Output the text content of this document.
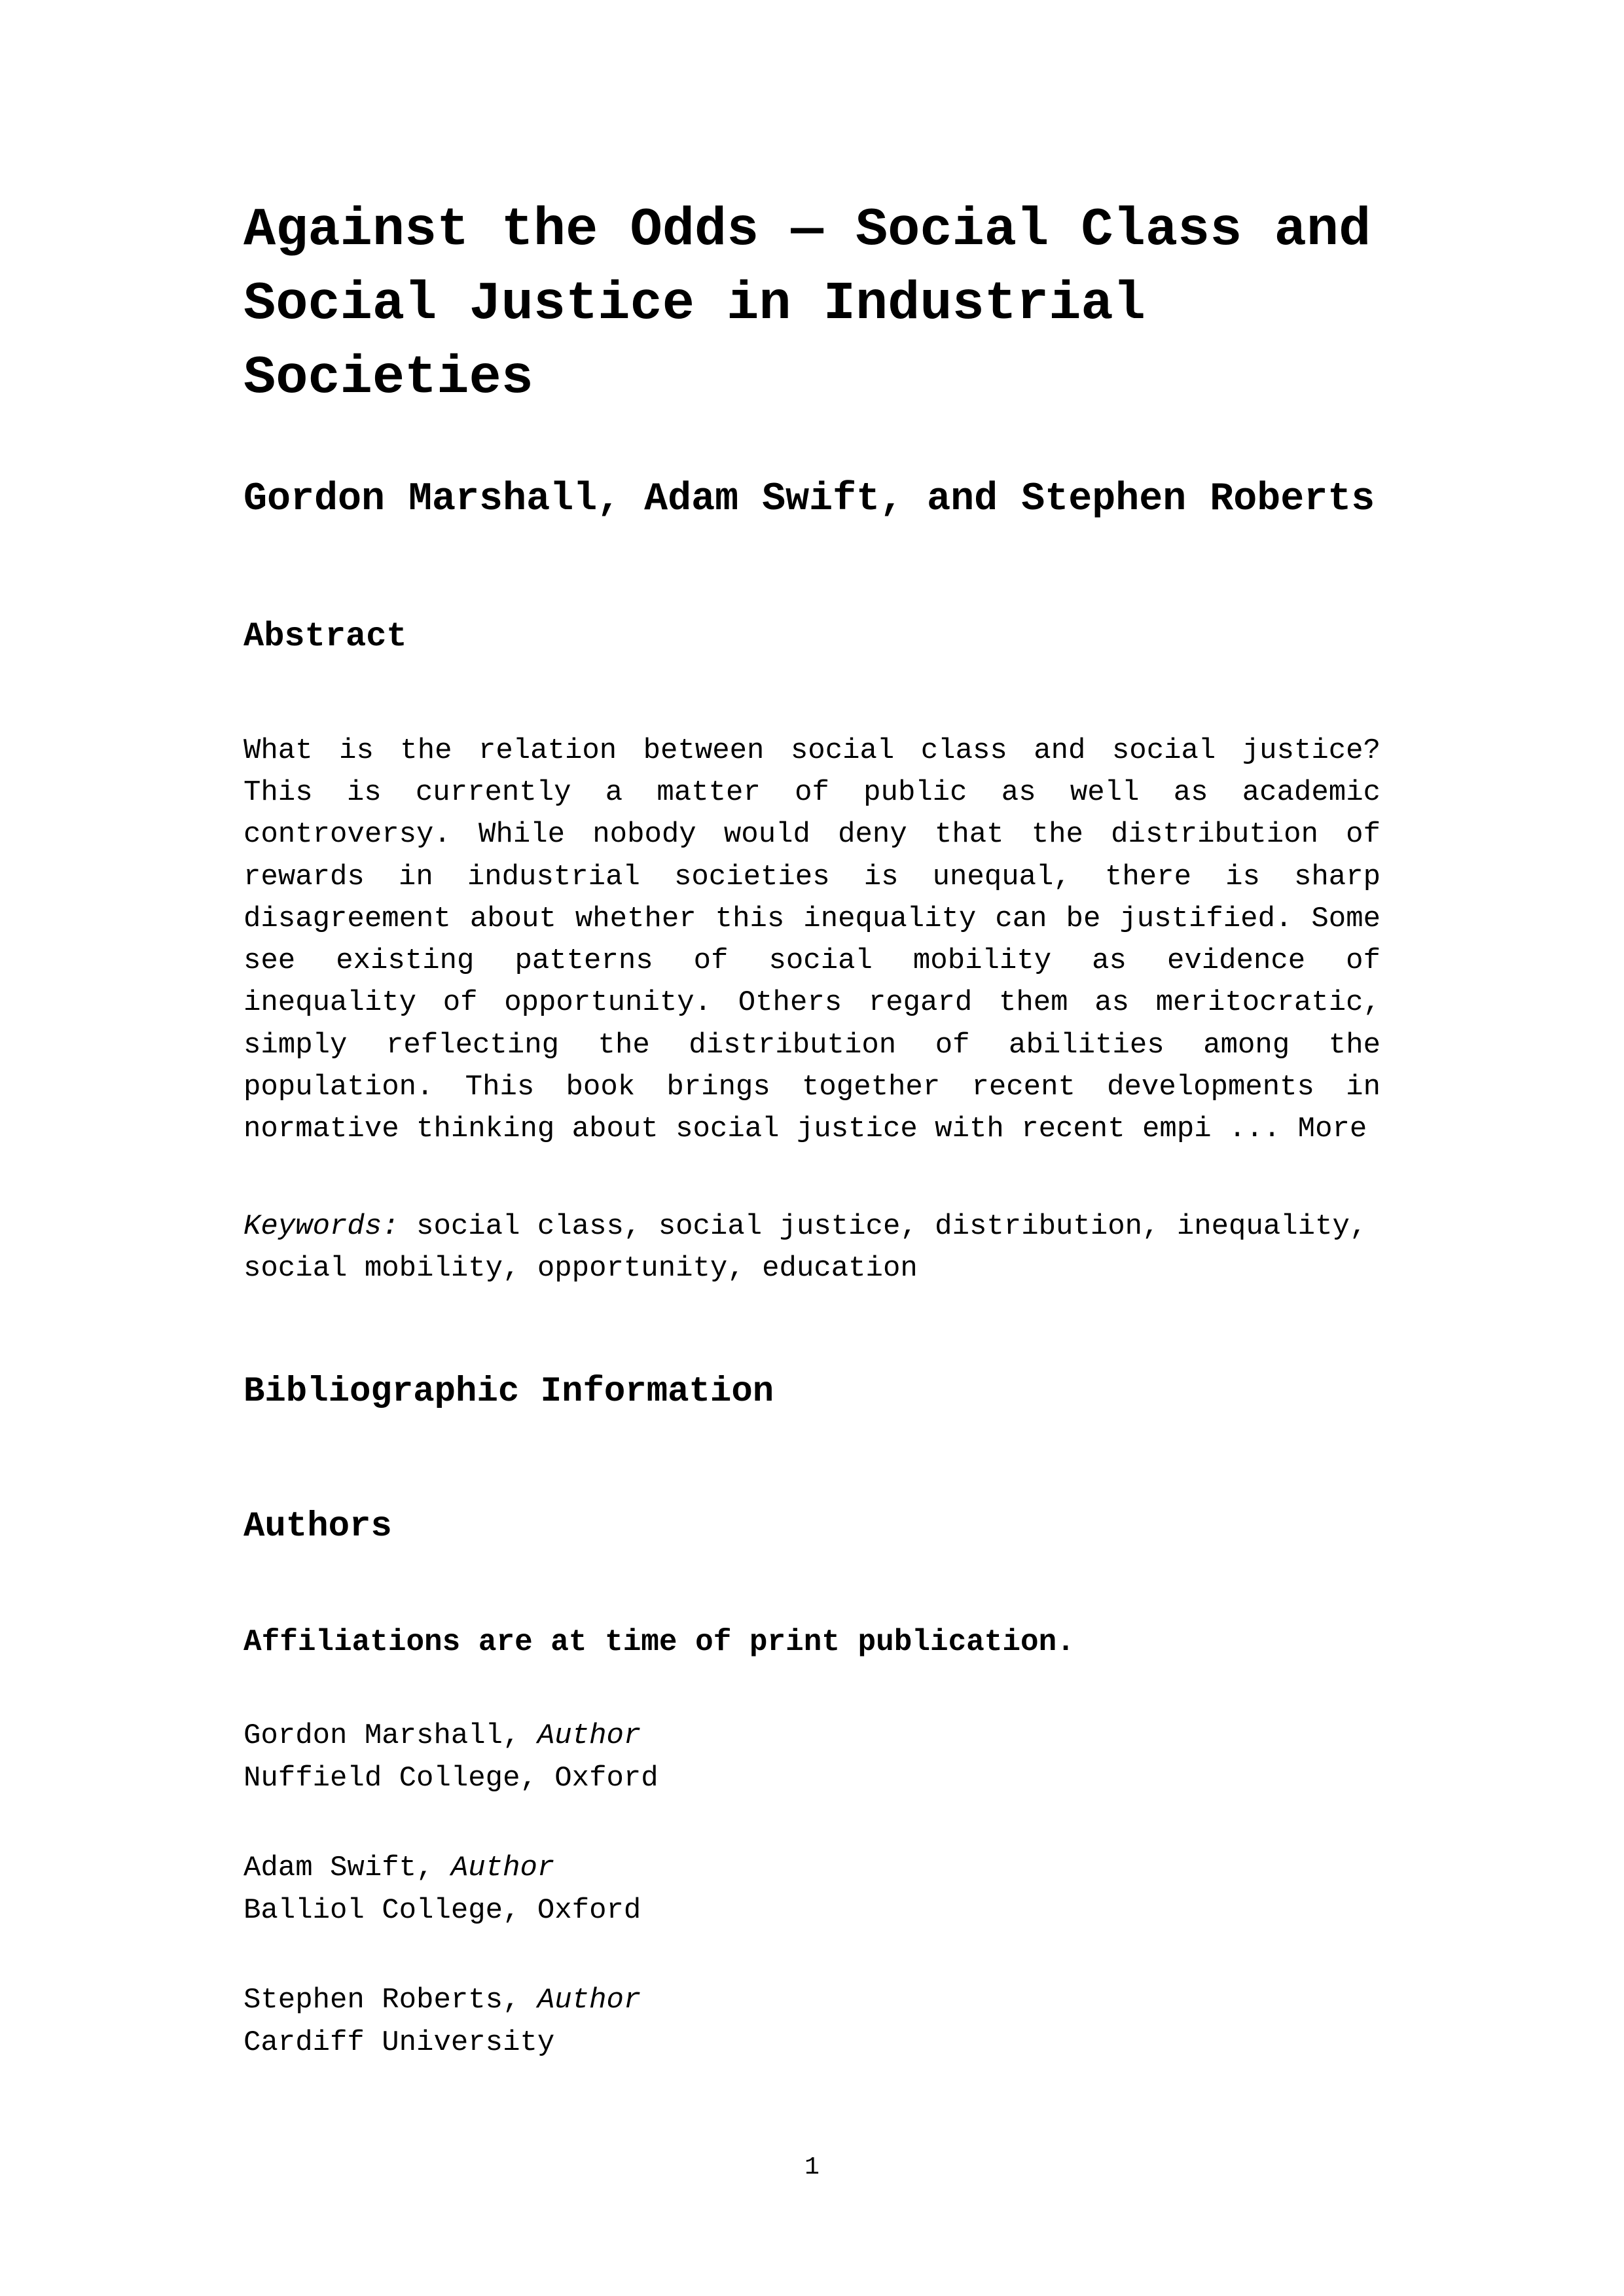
Against the Odds — Social Class and Social Justice in Industrial Societies
Gordon Marshall, Adam Swift, and Stephen Roberts
Abstract

What is the relation between social class and social justice? This is currently a matter of public as well as academic controversy. While nobody would deny that the distribution of rewards in industrial societies is unequal, there is sharp disagreement about whether this inequality can be justified. Some see existing patterns of social mobility as evidence of inequality of opportunity. Others regard them as meritocratic, simply reflecting the distribution of abilities among the population. This book brings together recent developments in normative thinking about social justice with recent empi ... More

Keywords: social class, social justice, distribution, inequality, social mobility, opportunity, education

Bibliographic Information
Authors
Affiliations are at time of print publication.
Gordon Marshall, Author
Nuffield College, Oxford
Adam Swift, Author
Balliol College, Oxford
Stephen Roberts, Author
Cardiff University
1
